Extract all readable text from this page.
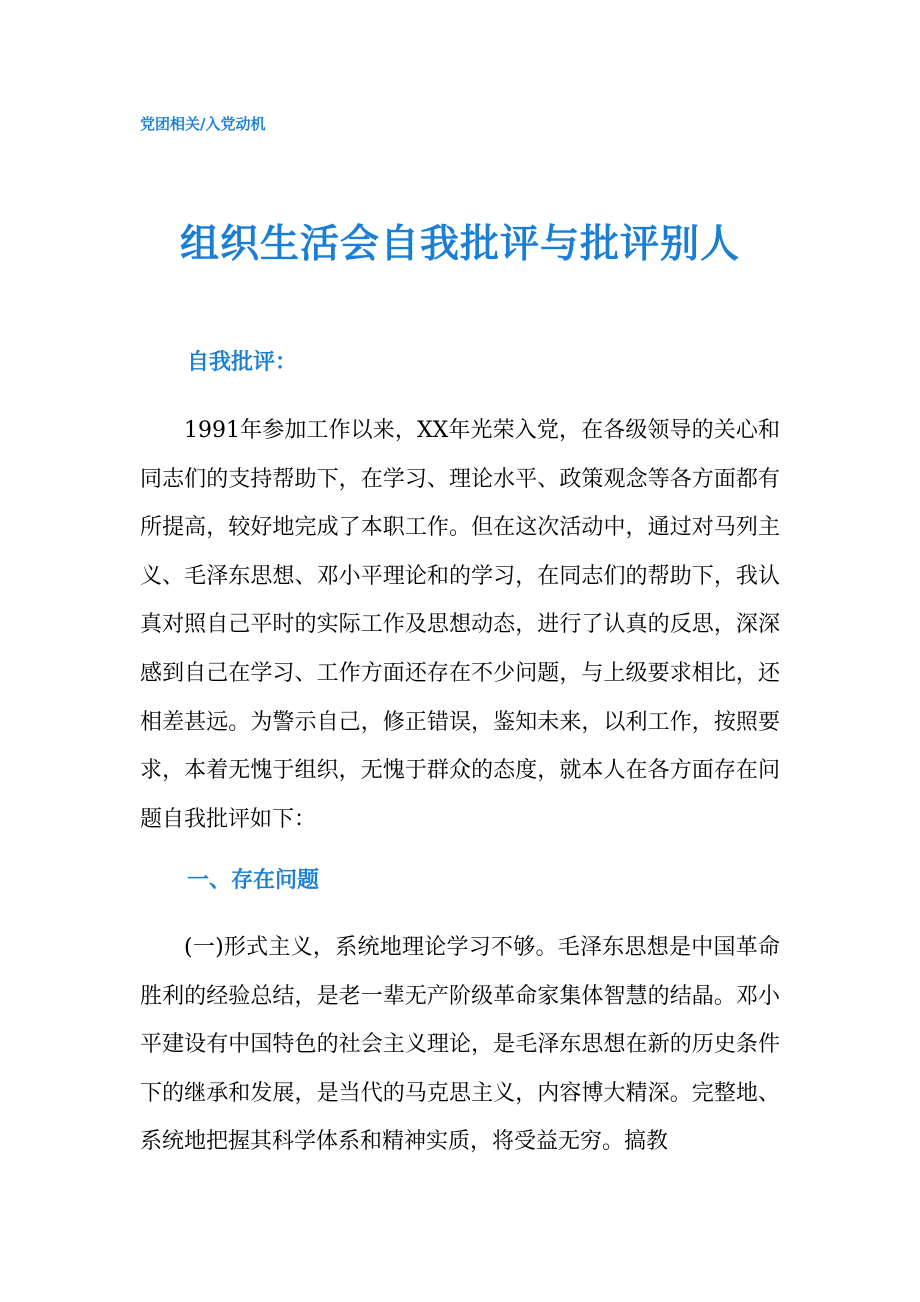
党团相关/入党动机

组织生活会自我批评与批评别人
自我批评：

1991年参加工作以来，XX年光荣入党，在各级领导的关心和同志们的支持帮助下，在学习、理论水平、政策观念等各方面都有所提高，较好地完成了本职工作。但在这次活动中，通过对马列主义、毛泽东思想、邓小平理论和的学习，在同志们的帮助下，我认真对照自己平时的实际工作及思想动态，进行了认真的反思，深深感到自己在学习、工作方面还存在不少问题，与上级要求相比，还相差甚远。为警示自己，修正错误，鉴知未来，以利工作，按照要求，本着无愧于组织，无愧于群众的态度，就本人在各方面存在问题自我批评如下：

一、存在问题

(一)形式主义，系统地理论学习不够。毛泽东思想是中国革命胜利的经验总结，是老一辈无产阶级革命家集体智慧的结晶。邓小平建设有中国特色的社会主义理论，是毛泽东思想在新的历史条件下的继承和发展，是当代的马克思主义，内容博大精深。完整地、系统地把握其科学体系和精神实质，将受益无穷。搞教
